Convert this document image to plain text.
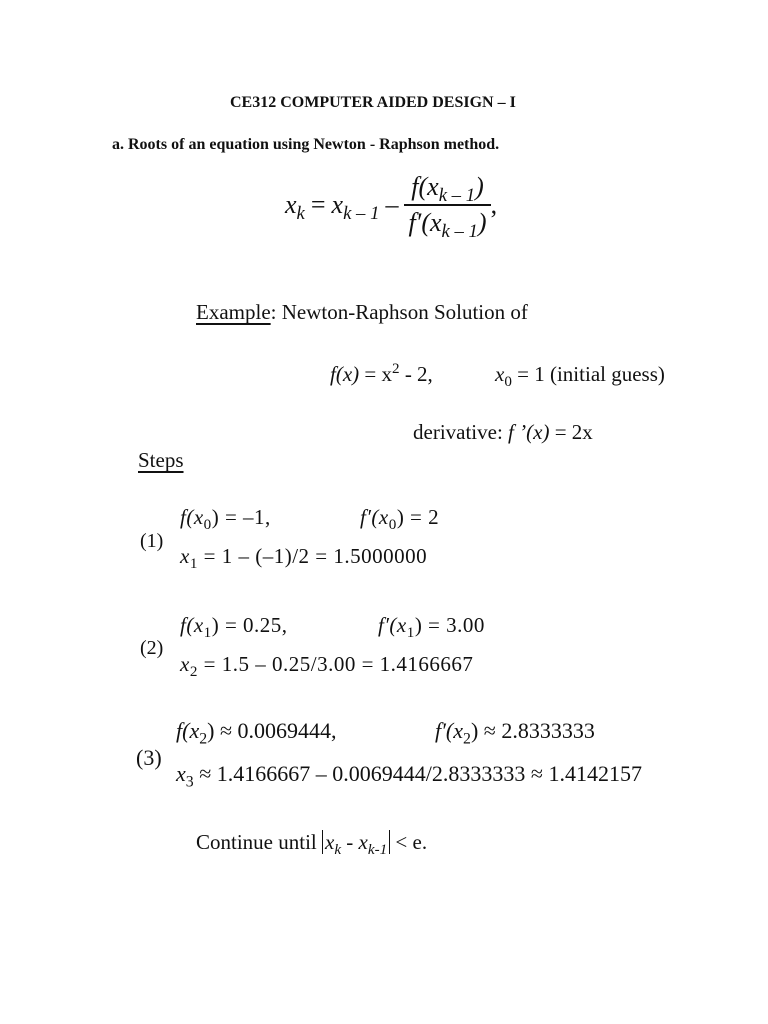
CE312 COMPUTER AIDED DESIGN – I
a. Roots of an equation using Newton - Raphson method.
$x_k = x_{k - 1} - \frac{f(x_{k - 1})}{f'(x_{k - 1})}$ ,
Example: Newton-Raphson Solution of
$f(x) = x^2 - 2$,	$x_0 = 1$ (initial guess)
derivative: f ’(x) = 2x
Steps
(1)
$f(x_0) = -1$,	$f'(x_0) = 2$
$x_1 = 1 - (-1)/2 = 1.5000000$
(2)
$f(x_1) = 0.25$,	$f'(x_1) = 3.00$
$x_2 = 1.5 - 0.25/3.00 = 1.4166667$
(3)
$f(x_2) \approx 0.0069444$,	$f'(x_2) \approx 2.8333333$
$x_3 \approx 1.4166667 - 0.0069444/2.8333333 \approx 1.4142157$
Continue until $x_k - x_{k-1} < e$.
